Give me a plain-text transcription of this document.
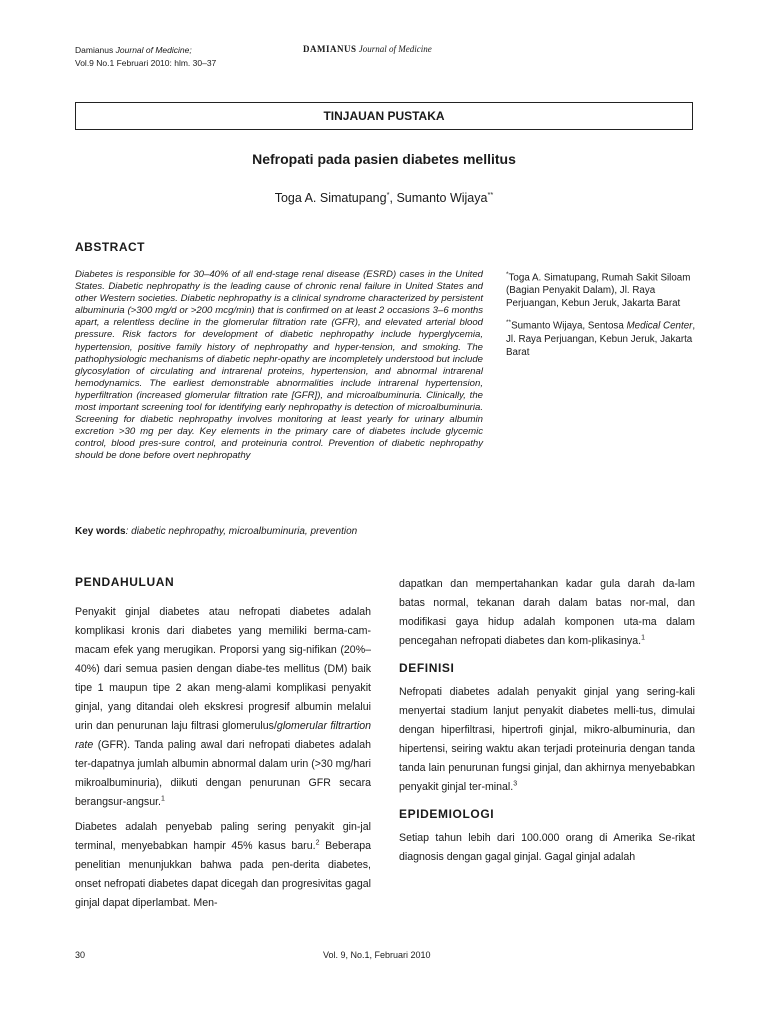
Damianus Journal of Medicine;
Vol.9 No.1 Februari 2010: hlm. 30–37
DAMIANUS Journal of Medicine
TINJAUAN PUSTAKA
Nefropati pada pasien diabetes mellitus
Toga A. Simatupang*, Sumanto Wijaya**
ABSTRACT
Diabetes is responsible for 30–40% of all end-stage renal disease (ESRD) cases in the United States. Diabetic nephropathy is the leading cause of chronic renal failure in United States and other Western societies. Diabetic nephropathy is a clinical syndrome characterized by persistent albuminuria (>300 mg/d or >200 mcg/min) that is confirmed on at least 2 occasions 3–6 months apart, a relentless decline in the glomerular filtration rate (GFR), and elevated arterial blood pressure. Risk factors for development of diabetic nephropathy include hyperglycemia, hypertension, positive family history of nephropathy and hyper-tension, and smoking. The pathophysiologic mechanisms of diabetic nephr-opathy are incompletely understood but include glycosylation of circulating and intrarenal proteins, hypertension, and abnormal intrarenal hemodynamics. The earliest demonstrable abnormalities include intrarenal hypertension, hyperfiltration (increased glomerular filtration rate [GFR]), and microalbuminuria. Clinically, the most important screening tool for identifying early nephropathy is detection of microalbuminuria. Screening for diabetic nephropathy involves monitoring at least yearly for urinary albumin excretion >30 mg per day. Key elements in the primary care of diabetes include glycemic control, blood pres-sure control, and proteinuria control. Prevention of diabetic nephropathy should be done before overt nephropathy
Key words: diabetic nephropathy, microalbuminuria, prevention

*Toga A. Simatupang, Rumah Sakit Siloam (Bagian Penyakit Dalam), Jl. Raya Perjuangan, Kebun Jeruk, Jakarta Barat

**Sumanto Wijaya, Sentosa Medical Center, Jl. Raya Perjuangan, Kebun Jeruk, Jakarta Barat

PENDAHULUAN

Penyakit ginjal diabetes atau nefropati diabetes adalah komplikasi kronis dari diabetes yang memiliki berma-cam-macam efek yang merugikan. Proporsi yang sig-nifikan (20%–40%) dari semua pasien dengan diabe-tes mellitus (DM) baik tipe 1 maupun tipe 2 akan meng-alami komplikasi penyakit ginjal, yang ditandai oleh ekskresi progresif albumin melalui urin dan penurunan laju filtrasi glomerulus/glomerular filtrartion rate (GFR). Tanda paling awal dari nefropati diabetes adalah ter-dapatnya jumlah albumin abnormal dalam urin (>30 mg/hari mikroalbuminuria), diikuti dengan penurunan GFR secara berangsur-angsur.$^1$

Diabetes adalah penyebab paling sering penyakit gin-jal terminal, menyebabkan hampir 45% kasus baru.$^2$ Beberapa penelitian menunjukkan bahwa pada pen-derita diabetes, onset nefropati diabetes dapat dicegah dan progresivitas gagal ginjal dapat diperlambat. Men-

dapatkan dan mempertahankan kadar gula darah da-lam batas normal, tekanan darah dalam batas nor-mal, dan modifikasi gaya hidup adalah komponen uta-ma dalam pencegahan nefropati diabetes dan kom-plikasinya.$^1$

DEFINISI

Nefropati diabetes adalah penyakit ginjal yang sering-kali menyertai stadium lanjut penyakit diabetes melli-tus, dimulai dengan hiperfiltrasi, hipertrofi ginjal, mikro-albuminuria, dan hipertensi, seiring waktu akan terjadi proteinuria dengan tanda tanda lain penurunan fungsi ginjal, dan akhirnya menyebabkan penyakit ginjal ter-minal.$^3$

EPIDEMIOLOGI

Setiap tahun lebih dari 100.000 orang di Amerika Se-rikat diagnosis dengan gagal ginjal. Gagal ginjal adalah

30	Vol. 9, No.1, Februari 2010
